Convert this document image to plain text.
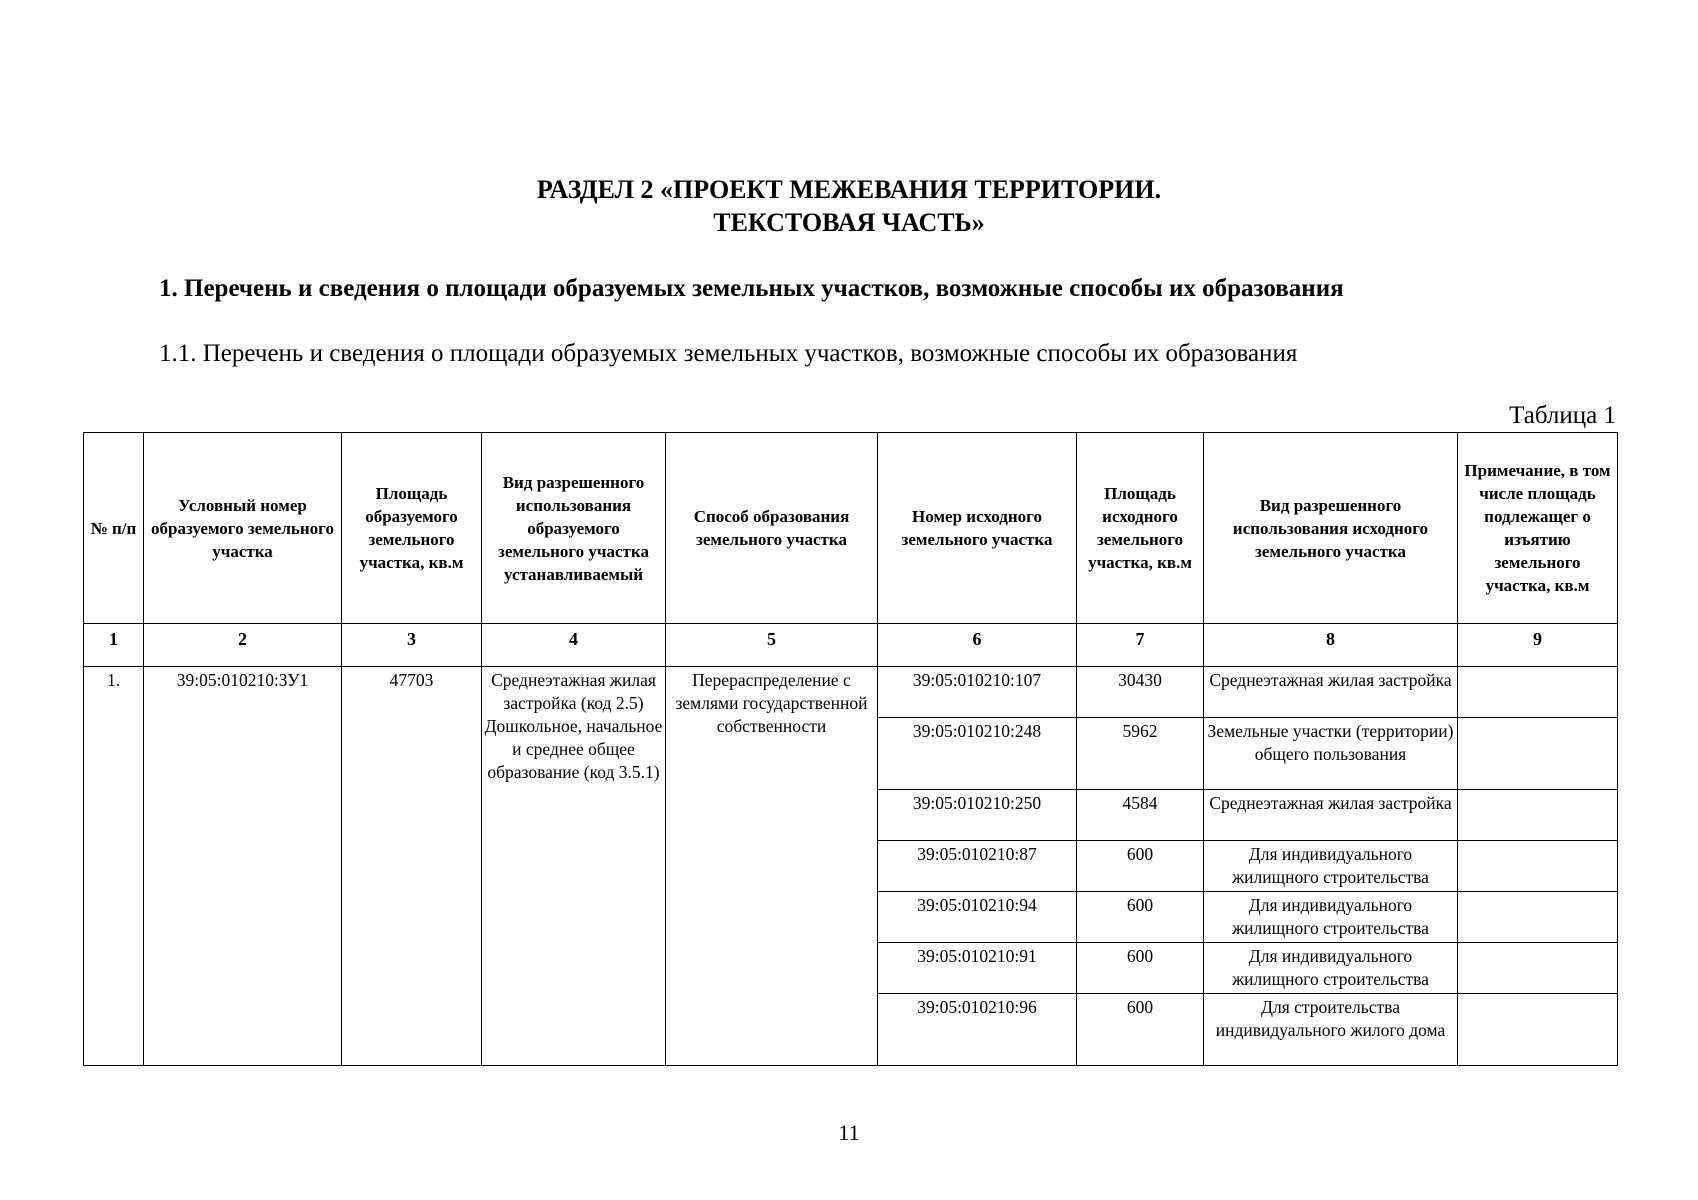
РАЗДЕЛ 2 «ПРОЕКТ МЕЖЕВАНИЯ ТЕРРИТОРИИ.
ТЕКСТОВАЯ ЧАСТЬ»
1. Перечень и сведения о площади образуемых земельных участков, возможные способы их образования
1.1. Перечень и сведения о площади образуемых земельных участков, возможные способы их образования
Таблица 1
№ п/п	Условный номер образуемого земельного участка	Площадь образуемого земельного участка, кв.м	Вид разрешенного использования образуемого земельного участка устанавливаемый	Способ образования земельного участка	Номер исходного земельного участка	Площадь исходного земельного участка, кв.м	Вид разрешенного использования исходного земельного участка	Примечание, в том числе площадь подлежащег о изъятию земельного участка, кв.м

1	2	3	4	5	6	7	8	9
1.	39:05:010210:ЗУ1	47703	Среднеэтажная жилая застройка (код 2.5) Дошкольное, начальное и среднее общее образование (код 3.5.1)	Перераспределение с землями государственной собственности	39:05:010210:107	30430	Среднеэтажная жилая застройка	
					39:05:010210:248	5962	Земельные участки (территории) общего пользования	
					39:05:010210:250	4584	Среднеэтажная жилая застройка	
					39:05:010210:87	600	Для индивидуального жилищного строительства	
					39:05:010210:94	600	Для индивидуального жилищного строительства	
					39:05:010210:91	600	Для индивидуального жилищного строительства	
					39:05:010210:96	600	Для строительства индивидуального жилого дома	
11
